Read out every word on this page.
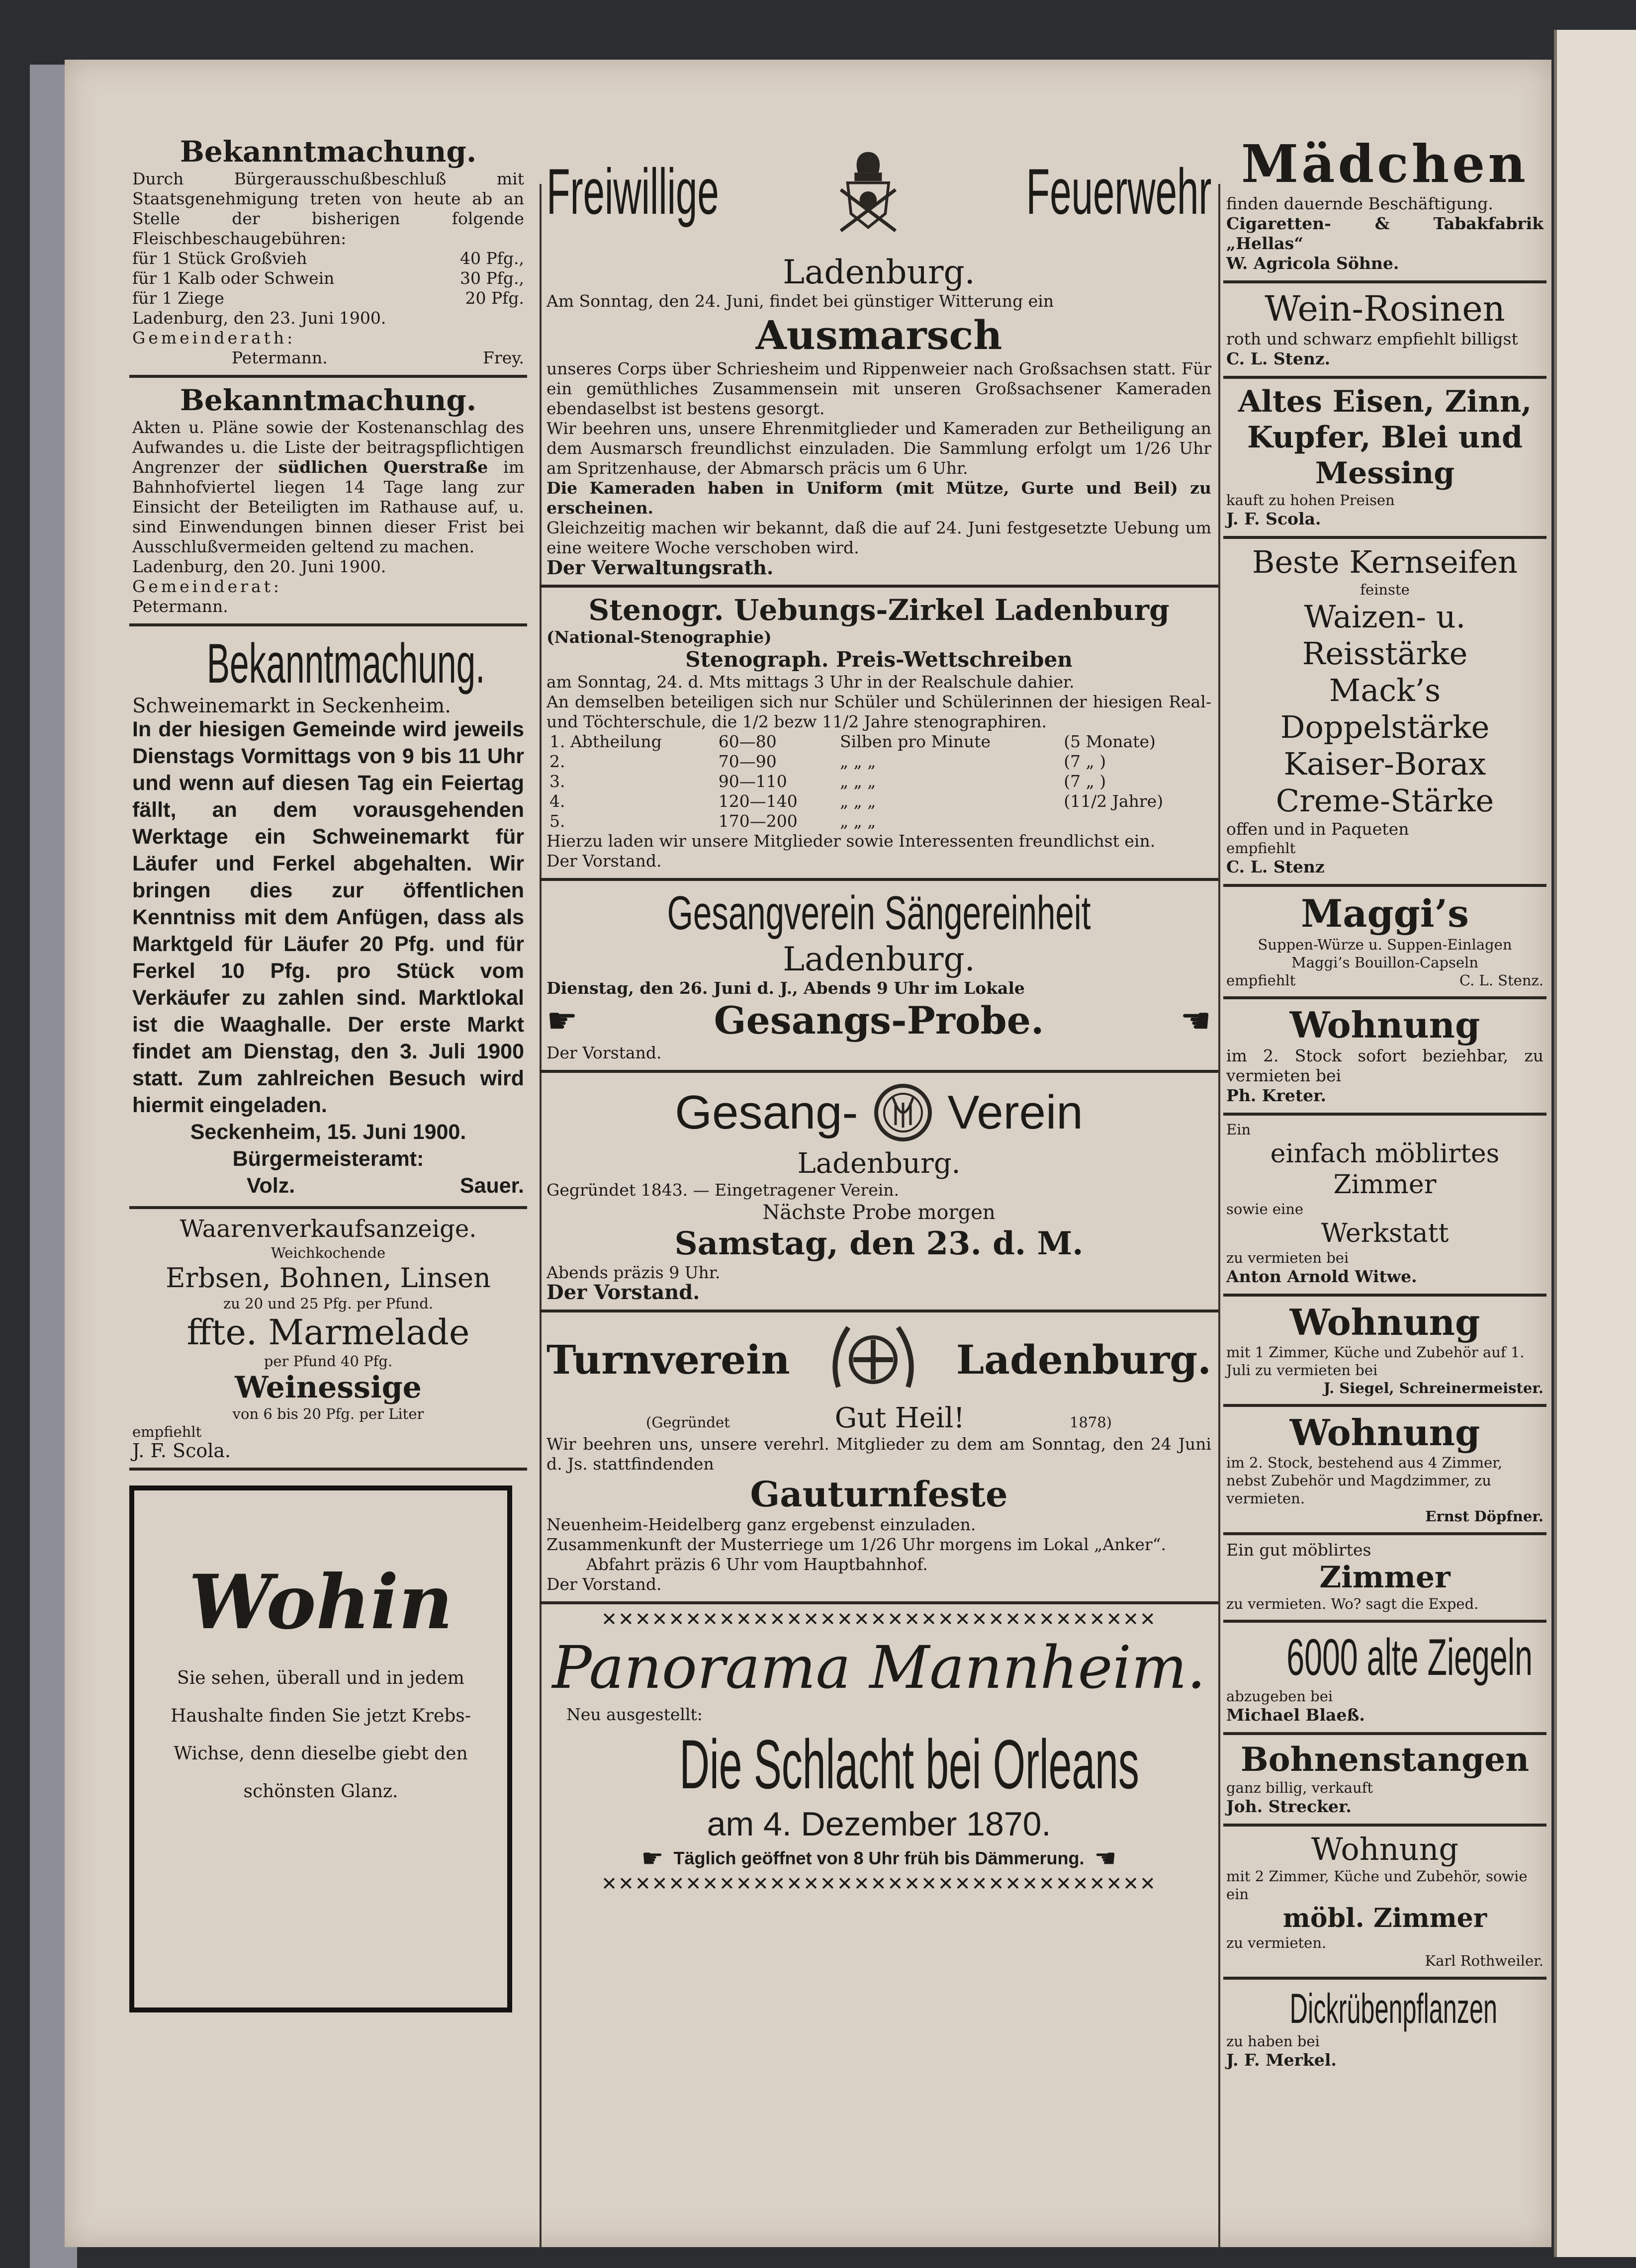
Bekanntmachung.
Durch Bürgerausschußbeschluß mit Staatsgenehmigung treten von heute ab an Stelle der bisherigen folgende Fleischbeschaugebühren:
für 1 Stück Großvieh	40 Pfg.,
für 1 Kalb oder Schwein	30 Pfg.,
für 1 Ziege	20 Pfg.
Ladenburg, den 23. Juni 1900.
Gemeinderath:
Petermann.	Frey.
Bekanntmachung.
Akten u. Pläne sowie der Kostenanschlag des Aufwandes u. die Liste der beitragspflichtigen Angrenzer der südlichen Querstraße im Bahnhofviertel liegen 14 Tage lang zur Einsicht der Beteiligten im Rathause auf, u. sind Einwendungen binnen dieser Frist bei Ausschlußvermeiden geltend zu machen.
Ladenburg, den 20. Juni 1900.
Gemeinderat:
Petermann.
Bekanntmachung.
Schweinemarkt in Seckenheim.
In der hiesigen Gemeinde wird jeweils Dienstags Vormittags von 9 bis 11 Uhr und wenn auf diesen Tag ein Feiertag fällt, an dem vorausgehenden Werktage ein Schweinemarkt für Läufer und Ferkel abgehalten. Wir bringen dies zur öffentlichen Kenntniss mit dem Anfügen, dass als Marktgeld für Läufer 20 Pfg. und für Ferkel 10 Pfg. pro Stück vom Verkäufer zu zahlen sind. Marktlokal ist die Waaghalle. Der erste Markt findet am Dienstag, den 3. Juli 1900 statt. Zum zahlreichen Besuch wird hiermit eingeladen.
Seckenheim, 15. Juni 1900.
Bürgermeisteramt:
Volz.	Sauer.
Waarenverkaufsanzeige.
Weichkochende
Erbsen, Bohnen, Linsen
zu 20 und 25 Pfg. per Pfund.
ffte. Marmelade
per Pfund 40 Pfg.
Weinessige
von 6 bis 20 Pfg. per Liter
empfiehlt
J. F. Scola.
Wohin
Sie sehen, überall und in jedem Haushalte finden Sie jetzt Krebs-Wichse, denn dieselbe giebt den schönsten Glanz.
Freiwillige	Feuerwehr
Ladenburg.
Am Sonntag, den 24. Juni, findet bei günstiger Witterung ein
Ausmarsch
unseres Corps über Schriesheim und Rippenweier nach Großsachsen statt. Für ein gemüthliches Zusammensein mit unseren Großsachsener Kameraden ebendaselbst ist bestens gesorgt.
Wir beehren uns, unsere Ehrenmitglieder und Kameraden zur Betheiligung an dem Ausmarsch freundlichst einzuladen. Die Sammlung erfolgt um 1/26 Uhr am Spritzenhause, der Abmarsch präcis um 6 Uhr.
Die Kameraden haben in Uniform (mit Mütze, Gurte und Beil) zu erscheinen.
Gleichzeitig machen wir bekannt, daß die auf 24. Juni festgesetzte Uebung um eine weitere Woche verschoben wird.
Der Verwaltungsrath.
Stenogr. Uebungs-Zirkel Ladenburg
(National-Stenographie)
Stenograph. Preis-Wettschreiben
am Sonntag, 24. d. Mts mittags 3 Uhr in der Realschule dahier.
An demselben beteiligen sich nur Schüler und Schülerinnen der hiesigen Real- und Töchterschule, die 1/2 bezw 11/2 Jahre stenographiren.
1. Abtheilung	60—80	Silben pro Minute	(5 Monate)
2.	70—90	„ „ „	(7 „ )
3.	90—110	„ „ „	(7 „ )
4.	120—140	„ „ „	(11/2 Jahre)
5.	170—200	„ „ „	
Hierzu laden wir unsere Mitglieder sowie Interessenten freundlichst ein.
Der Vorstand.
Gesangverein Sängereinheit
Ladenburg.
Dienstag, den 26. Juni d. J., Abends 9 Uhr im Lokale
☛	Gesangs-Probe.	☚
Der Vorstand.
Gesang- Verein
Ladenburg.
Gegründet 1843. — Eingetragener Verein.
Nächste Probe morgen
Samstag, den 23. d. M.
Abends präzis 9 Uhr.
Der Vorstand.
Turnverein	Ladenburg.
(Gegründet	Gut Heil!	1878)
Wir beehren uns, unsere verehrl. Mitglieder zu dem am Sonntag, den 24 Juni d. Js. stattfindenden
Gauturnfeste
Neuenheim-Heidelberg ganz ergebenst einzuladen.
Zusammenkunft der Musterriege um 1/26 Uhr morgens im Lokal „Anker“.
Abfahrt präzis 6 Uhr vom Hauptbahnhof.
Der Vorstand.
✕✕✕✕✕✕✕✕✕✕✕✕✕✕✕✕✕✕✕✕✕✕✕✕✕✕✕✕✕✕✕✕✕
Panorama Mannheim.
Neu ausgestellt:
Die Schlacht bei Orleans
am 4. Dezember 1870.
☛ Täglich geöffnet von 8 Uhr früh bis Dämmerung. ☚
✕✕✕✕✕✕✕✕✕✕✕✕✕✕✕✕✕✕✕✕✕✕✕✕✕✕✕✕✕✕✕✕✕
Mädchen
finden dauernde Beschäftigung.
Cigaretten- & Tabakfabrik „Hellas“
W. Agricola Söhne.
Wein-Rosinen
roth und schwarz empfiehlt billigst
C. L. Stenz.
Altes Eisen, Zinn, Kupfer, Blei und Messing
kauft zu hohen Preisen
J. F. Scola.
Beste Kernseifen
feinste
Waizen- u. Reisstärke
Mack’s Doppelstärke
Kaiser-Borax
Creme-Stärke
offen und in Paqueten
empfiehlt
C. L. Stenz
Maggi’s
Suppen-Würze u. Suppen-Einlagen
Maggi’s Bouillon-Capseln
empfiehlt	C. L. Stenz.
Wohnung
im 2. Stock sofort beziehbar, zu vermieten bei
Ph. Kreter.
Ein
einfach möblirtes Zimmer
sowie eine
Werkstatt
zu vermieten bei
Anton Arnold Witwe.
Wohnung
mit 1 Zimmer, Küche und Zubehör auf 1. Juli zu vermieten bei
J. Siegel, Schreinermeister.
Wohnung
im 2. Stock, bestehend aus 4 Zimmer, nebst Zubehör und Magdzimmer, zu vermieten.
Ernst Döpfner.
Ein gut möblirtes
Zimmer
zu vermieten. Wo? sagt die Exped.
6000 alte Ziegeln
abzugeben bei
Michael Blaeß.
Bohnenstangen
ganz billig, verkauft
Joh. Strecker.
Wohnung
mit 2 Zimmer, Küche und Zubehör, sowie ein
möbl. Zimmer
zu vermieten.
Karl Rothweiler.
Dickrübenpflanzen
zu haben bei
J. F. Merkel.
